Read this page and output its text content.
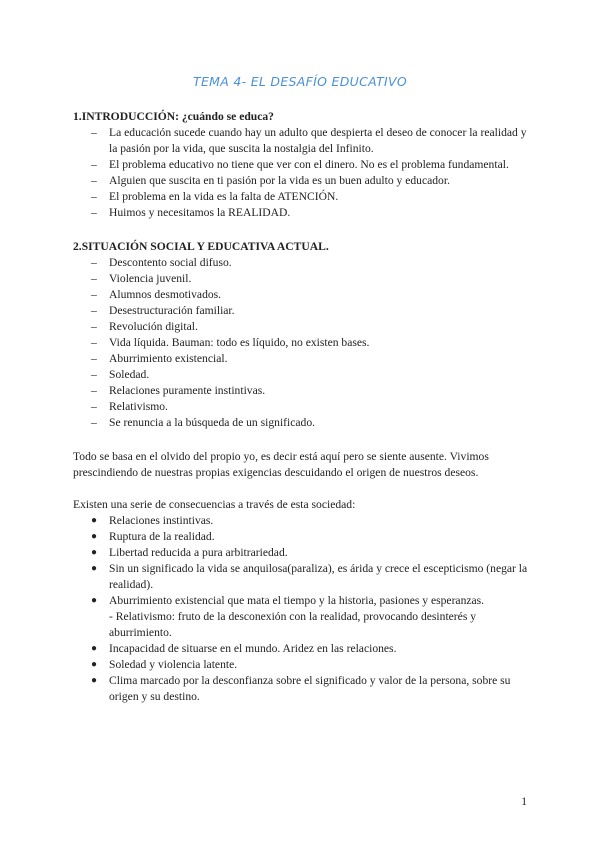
TEMA 4- EL DESAFÍO EDUCATIVO
1.INTRODUCCIÓN: ¿cuándo se educa?
– La educación sucede cuando hay un adulto que despierta el deseo de conocer la realidad y la pasión por la vida, que suscita la nostalgia del Infinito.
– El problema educativo no tiene que ver con el dinero. No es el problema fundamental.
– Alguien que suscita en ti pasión por la vida es un buen adulto y educador.
– El problema en la vida es la falta de ATENCIÓN.
– Huimos y necesitamos la REALIDAD.
2.SITUACIÓN SOCIAL Y EDUCATIVA ACTUAL.
– Descontento social difuso.
– Violencia juvenil.
– Alumnos desmotivados.
– Desestructuración familiar.
– Revolución digital.
– Vida líquida. Bauman: todo es líquido, no existen bases.
– Aburrimiento existencial.
– Soledad.
– Relaciones puramente instintivas.
– Relativismo.
– Se renuncia a la búsqueda de un significado.

Todo se basa en el olvido del propio yo, es decir está aquí pero se siente ausente. Vivimos prescindiendo de nuestras propias exigencias descuidando el origen de nuestros deseos.

Existen una serie de consecuencias a través de esta sociedad:

● Relaciones instintivas.
● Ruptura de la realidad.
● Libertad reducida a pura arbitrariedad.
● Sin un significado la vida se anquilosa(paraliza), es árida y crece el escepticismo (negar la realidad).
● Aburrimiento existencial que mata el tiempo y la historia, pasiones y esperanzas.
- Relativismo: fruto de la desconexión con la realidad, provocando desinterés y aburrimiento.
● Incapacidad de situarse en el mundo. Aridez en las relaciones.
● Soledad y violencia latente.
● Clima marcado por la desconfianza sobre el significado y valor de la persona, sobre su origen y su destino.
1
